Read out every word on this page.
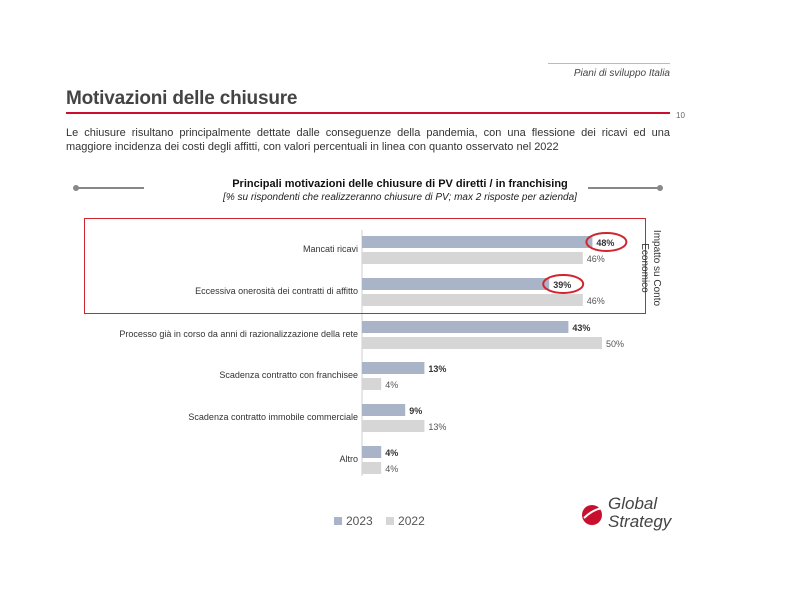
Piani di sviluppo Italia
Motivazioni delle chiusure
10
Le chiusure risultano principalmente dettate dalle conseguenze della pandemia, con una flessione dei ricavi ed una maggiore incidenza dei costi degli affitti, con valori percentuali in linea con quanto osservato nel 2022
Principali motivazioni delle chiusure di PV diretti / in franchising
[% su rispondenti che realizzeranno chiusure di PV; max 2 risposte per azienda]
Mancati ricavi
48%
46%
Eccessiva onerosità dei contratti di affitto
39%
46%
Processo già in corso da anni di razionalizzazione della rete
43%
50%
Scadenza contratto con franchisee
13%
4%
Scadenza contratto immobile commerciale
9%
13%
Altro
4%
4%
Impatto su Conto Economico
2023
2022
Global
Strategy
